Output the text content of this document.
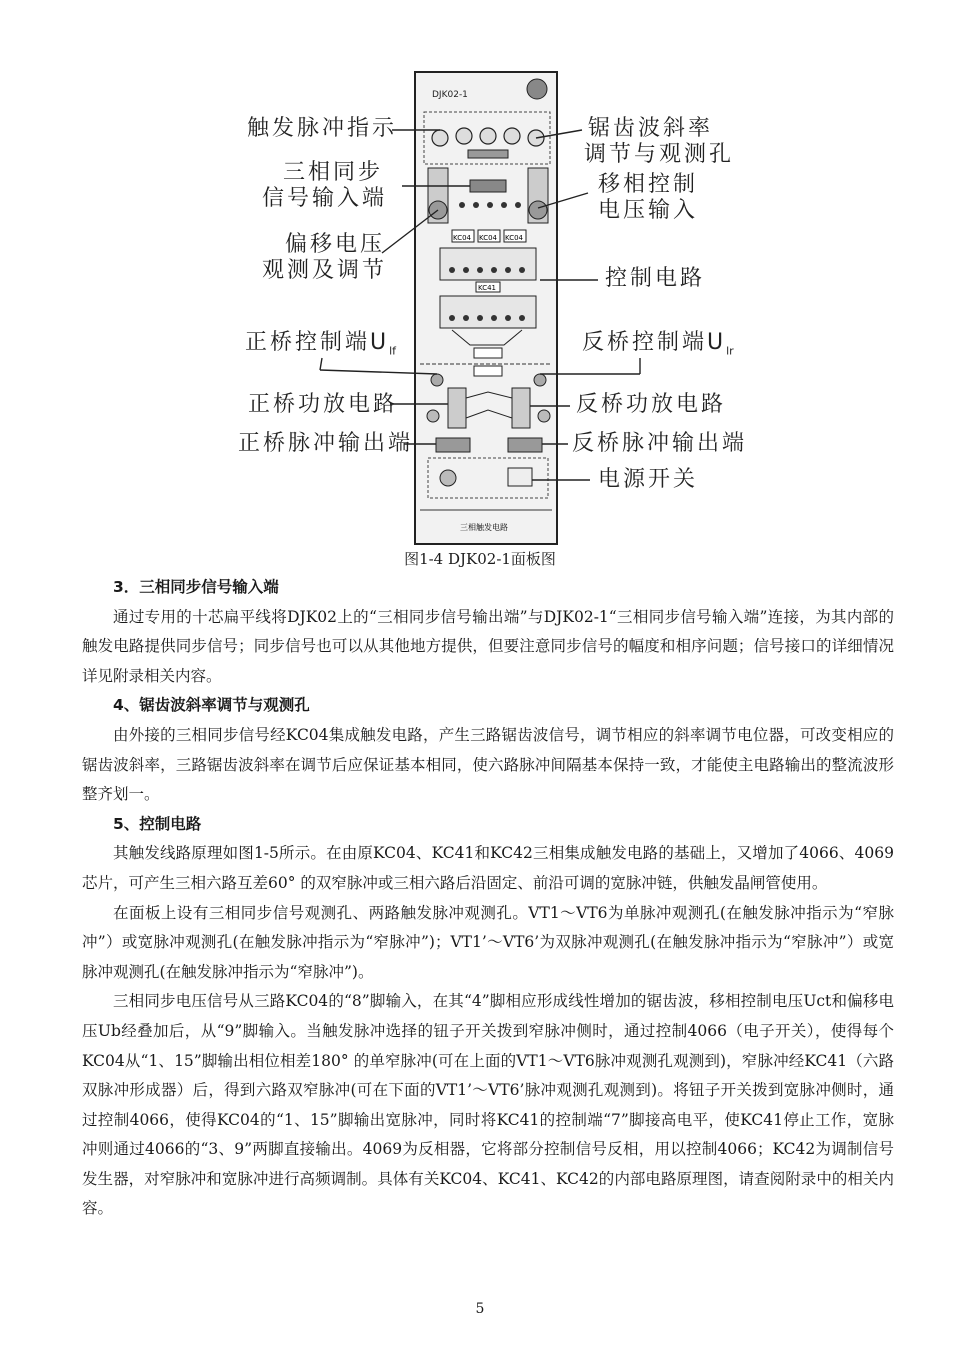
DJK02-1
KC04 KC04 KC04
KC41
三相触发电路
触发脉冲指示
三相同步
信号输入端
偏移电压
观测及调节
正桥控制端$U_{lf}$
正桥功放电路
正桥脉冲输出端
锯齿波斜率
调节与观测孔
移相控制
电压输入
控制电路
反桥控制端$U_{lr}$
反桥功放电路
反桥脉冲输出端
电源开关
图1-4 DJK02-1面板图

3．三相同步信号输入端

通过专用的十芯扁平线将DJK02上的“三相同步信号输出端”与DJK02-1“三相同步信号输入端”连接，为其内部的触发电路提供同步信号；同步信号也可以从其他地方提供，但要注意同步信号的幅度和相序问题；信号接口的详细情况详见附录相关内容。

4、锯齿波斜率调节与观测孔

由外接的三相同步信号经KC04集成触发电路，产生三路锯齿波信号，调节相应的斜率调节电位器，可改变相应的锯齿波斜率，三路锯齿波斜率在调节后应保证基本相同，使六路脉冲间隔基本保持一致，才能使主电路输出的整流波形整齐划一。

5、控制电路

其触发线路原理如图1-5所示。在由原KC04、KC41和KC42三相集成触发电路的基础上，又增加了4066、4069芯片，可产生三相六路互差60° 的双窄脉冲或三相六路后沿固定、前沿可调的宽脉冲链，供触发晶闸管使用。

在面板上设有三相同步信号观测孔、两路触发脉冲观测孔。VT1～VT6为单脉冲观测孔(在触发脉冲指示为“窄脉冲”）或宽脉冲观测孔(在触发脉冲指示为“窄脉冲”)；VT1’～VT6’为双脉冲观测孔(在触发脉冲指示为“窄脉冲”）或宽脉冲观测孔(在触发脉冲指示为“窄脉冲”)。

三相同步电压信号从三路KC04的“8”脚输入，在其“4”脚相应形成线性增加的锯齿波，移相控制电压Uct和偏移电压Ub经叠加后，从“9”脚输入。当触发脉冲选择的钮子开关拨到窄脉冲侧时，通过控制4066（电子开关），使得每个KC04从“1、15”脚输出相位相差180° 的单窄脉冲(可在上面的VT1～VT6脉冲观测孔观测到)，窄脉冲经KC41（六路双脉冲形成器）后，得到六路双窄脉冲(可在下面的VT1’～VT6’脉冲观测孔观测到)。将钮子开关拨到宽脉冲侧时，通过控制4066，使得KC04的“1、15”脚输出宽脉冲，同时将KC41的控制端“7”脚接高电平，使KC41停止工作，宽脉冲则通过4066的“3、9”两脚直接输出。4069为反相器，它将部分控制信号反相，用以控制4066；KC42为调制信号发生器，对窄脉冲和宽脉冲进行高频调制。具体有关KC04、KC41、KC42的内部电路原理图，请查阅附录中的相关内容。

5
